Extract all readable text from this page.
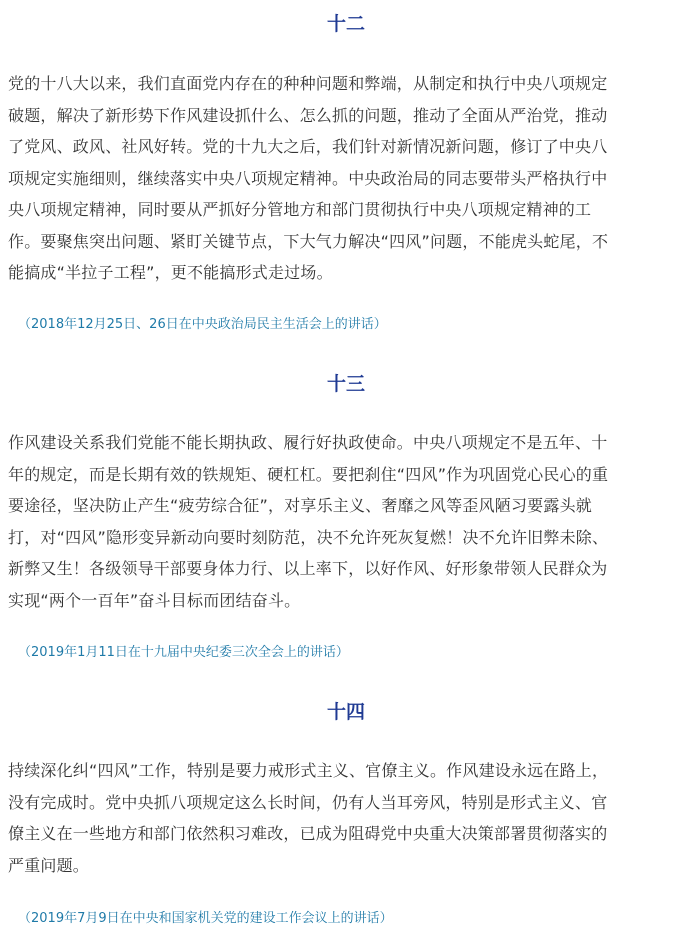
十二
党的十八大以来，我们直面党内存在的种种问题和弊端，从制定和执行中央八项规定
破题，解决了新形势下作风建设抓什么、怎么抓的问题，推动了全面从严治党，推动
了党风、政风、社风好转。党的十九大之后，我们针对新情况新问题，修订了中央八
项规定实施细则，继续落实中央八项规定精神。中央政治局的同志要带头严格执行中
央八项规定精神，同时要从严抓好分管地方和部门贯彻执行中央八项规定精神的工
作。要聚焦突出问题、紧盯关键节点，下大气力解决“四风”问题，不能虎头蛇尾，不
能搞成“半拉子工程”，更不能搞形式走过场。

（2018年12月25日、26日在中央政治局民主生活会上的讲话）

十三
作风建设关系我们党能不能长期执政、履行好执政使命。中央八项规定不是五年、十
年的规定，而是长期有效的铁规矩、硬杠杠。要把刹住“四风”作为巩固党心民心的重
要途径，坚决防止产生“疲劳综合征”，对享乐主义、奢靡之风等歪风陋习要露头就
打，对“四风”隐形变异新动向要时刻防范，决不允许死灰复燃！决不允许旧弊未除、
新弊又生！各级领导干部要身体力行、以上率下，以好作风、好形象带领人民群众为
实现“两个一百年”奋斗目标而团结奋斗。

（2019年1月11日在十九届中央纪委三次全会上的讲话）

十四
持续深化纠“四风”工作，特别是要力戒形式主义、官僚主义。作风建设永远在路上，
没有完成时。党中央抓八项规定这么长时间，仍有人当耳旁风，特别是形式主义、官
僚主义在一些地方和部门依然积习难改，已成为阻碍党中央重大决策部署贯彻落实的
严重问题。

（2019年7月9日在中央和国家机关党的建设工作会议上的讲话）
